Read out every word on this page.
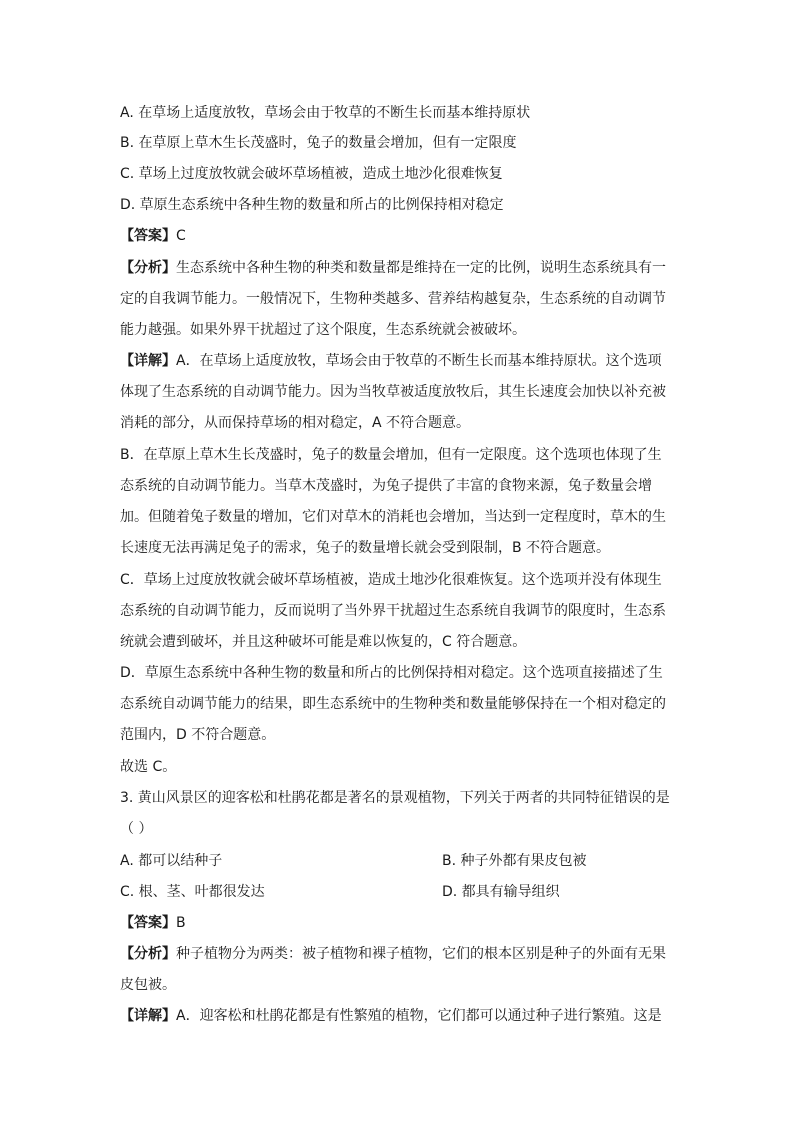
A. 在草场上适度放牧，草场会由于牧草的不断生长而基本维持原状
B. 在草原上草木生长茂盛时，兔子的数量会增加，但有一定限度
C. 草场上过度放牧就会破坏草场植被，造成土地沙化很难恢复
D. 草原生态系统中各种生物的数量和所占的比例保持相对稳定
【答案】C
【分析】生态系统中各种生物的种类和数量都是维持在一定的比例，说明生态系统具有一
定的自我调节能力。一般情况下，生物种类越多、营养结构越复杂，生态系统的自动调节
能力越强。如果外界干扰超过了这个限度，生态系统就会被破坏。
【详解】A．在草场上适度放牧，草场会由于牧草的不断生长而基本维持原状。这个选项
体现了生态系统的自动调节能力。因为当牧草被适度放牧后，其生长速度会加快以补充被
消耗的部分，从而保持草场的相对稳定，A 不符合题意。
B．在草原上草木生长茂盛时，兔子的数量会增加，但有一定限度。这个选项也体现了生
态系统的自动调节能力。当草木茂盛时，为兔子提供了丰富的食物来源，兔子数量会增
加。但随着兔子数量的增加，它们对草木的消耗也会增加，当达到一定程度时，草木的生
长速度无法再满足兔子的需求，兔子的数量增长就会受到限制，B 不符合题意。
C．草场上过度放牧就会破坏草场植被，造成土地沙化很难恢复。这个选项并没有体现生
态系统的自动调节能力，反而说明了当外界干扰超过生态系统自我调节的限度时，生态系
统就会遭到破坏，并且这种破坏可能是难以恢复的，C 符合题意。
D．草原生态系统中各种生物的数量和所占的比例保持相对稳定。这个选项直接描述了生
态系统自动调节能力的结果，即生态系统中的生物种类和数量能够保持在一个相对稳定的
范围内，D 不符合题意。
故选 C。
3. 黄山风景区的迎客松和杜鹃花都是著名的景观植物，下列关于两者的共同特征错误的是
（ ）
A. 都可以结种子	B. 种子外都有果皮包被
C. 根、茎、叶都很发达	D. 都具有输导组织
【答案】B
【分析】种子植物分为两类：被子植物和裸子植物，它们的根本区别是种子的外面有无果
皮包被。
【详解】A．迎客松和杜鹃花都是有性繁殖的植物，它们都可以通过种子进行繁殖。这是
